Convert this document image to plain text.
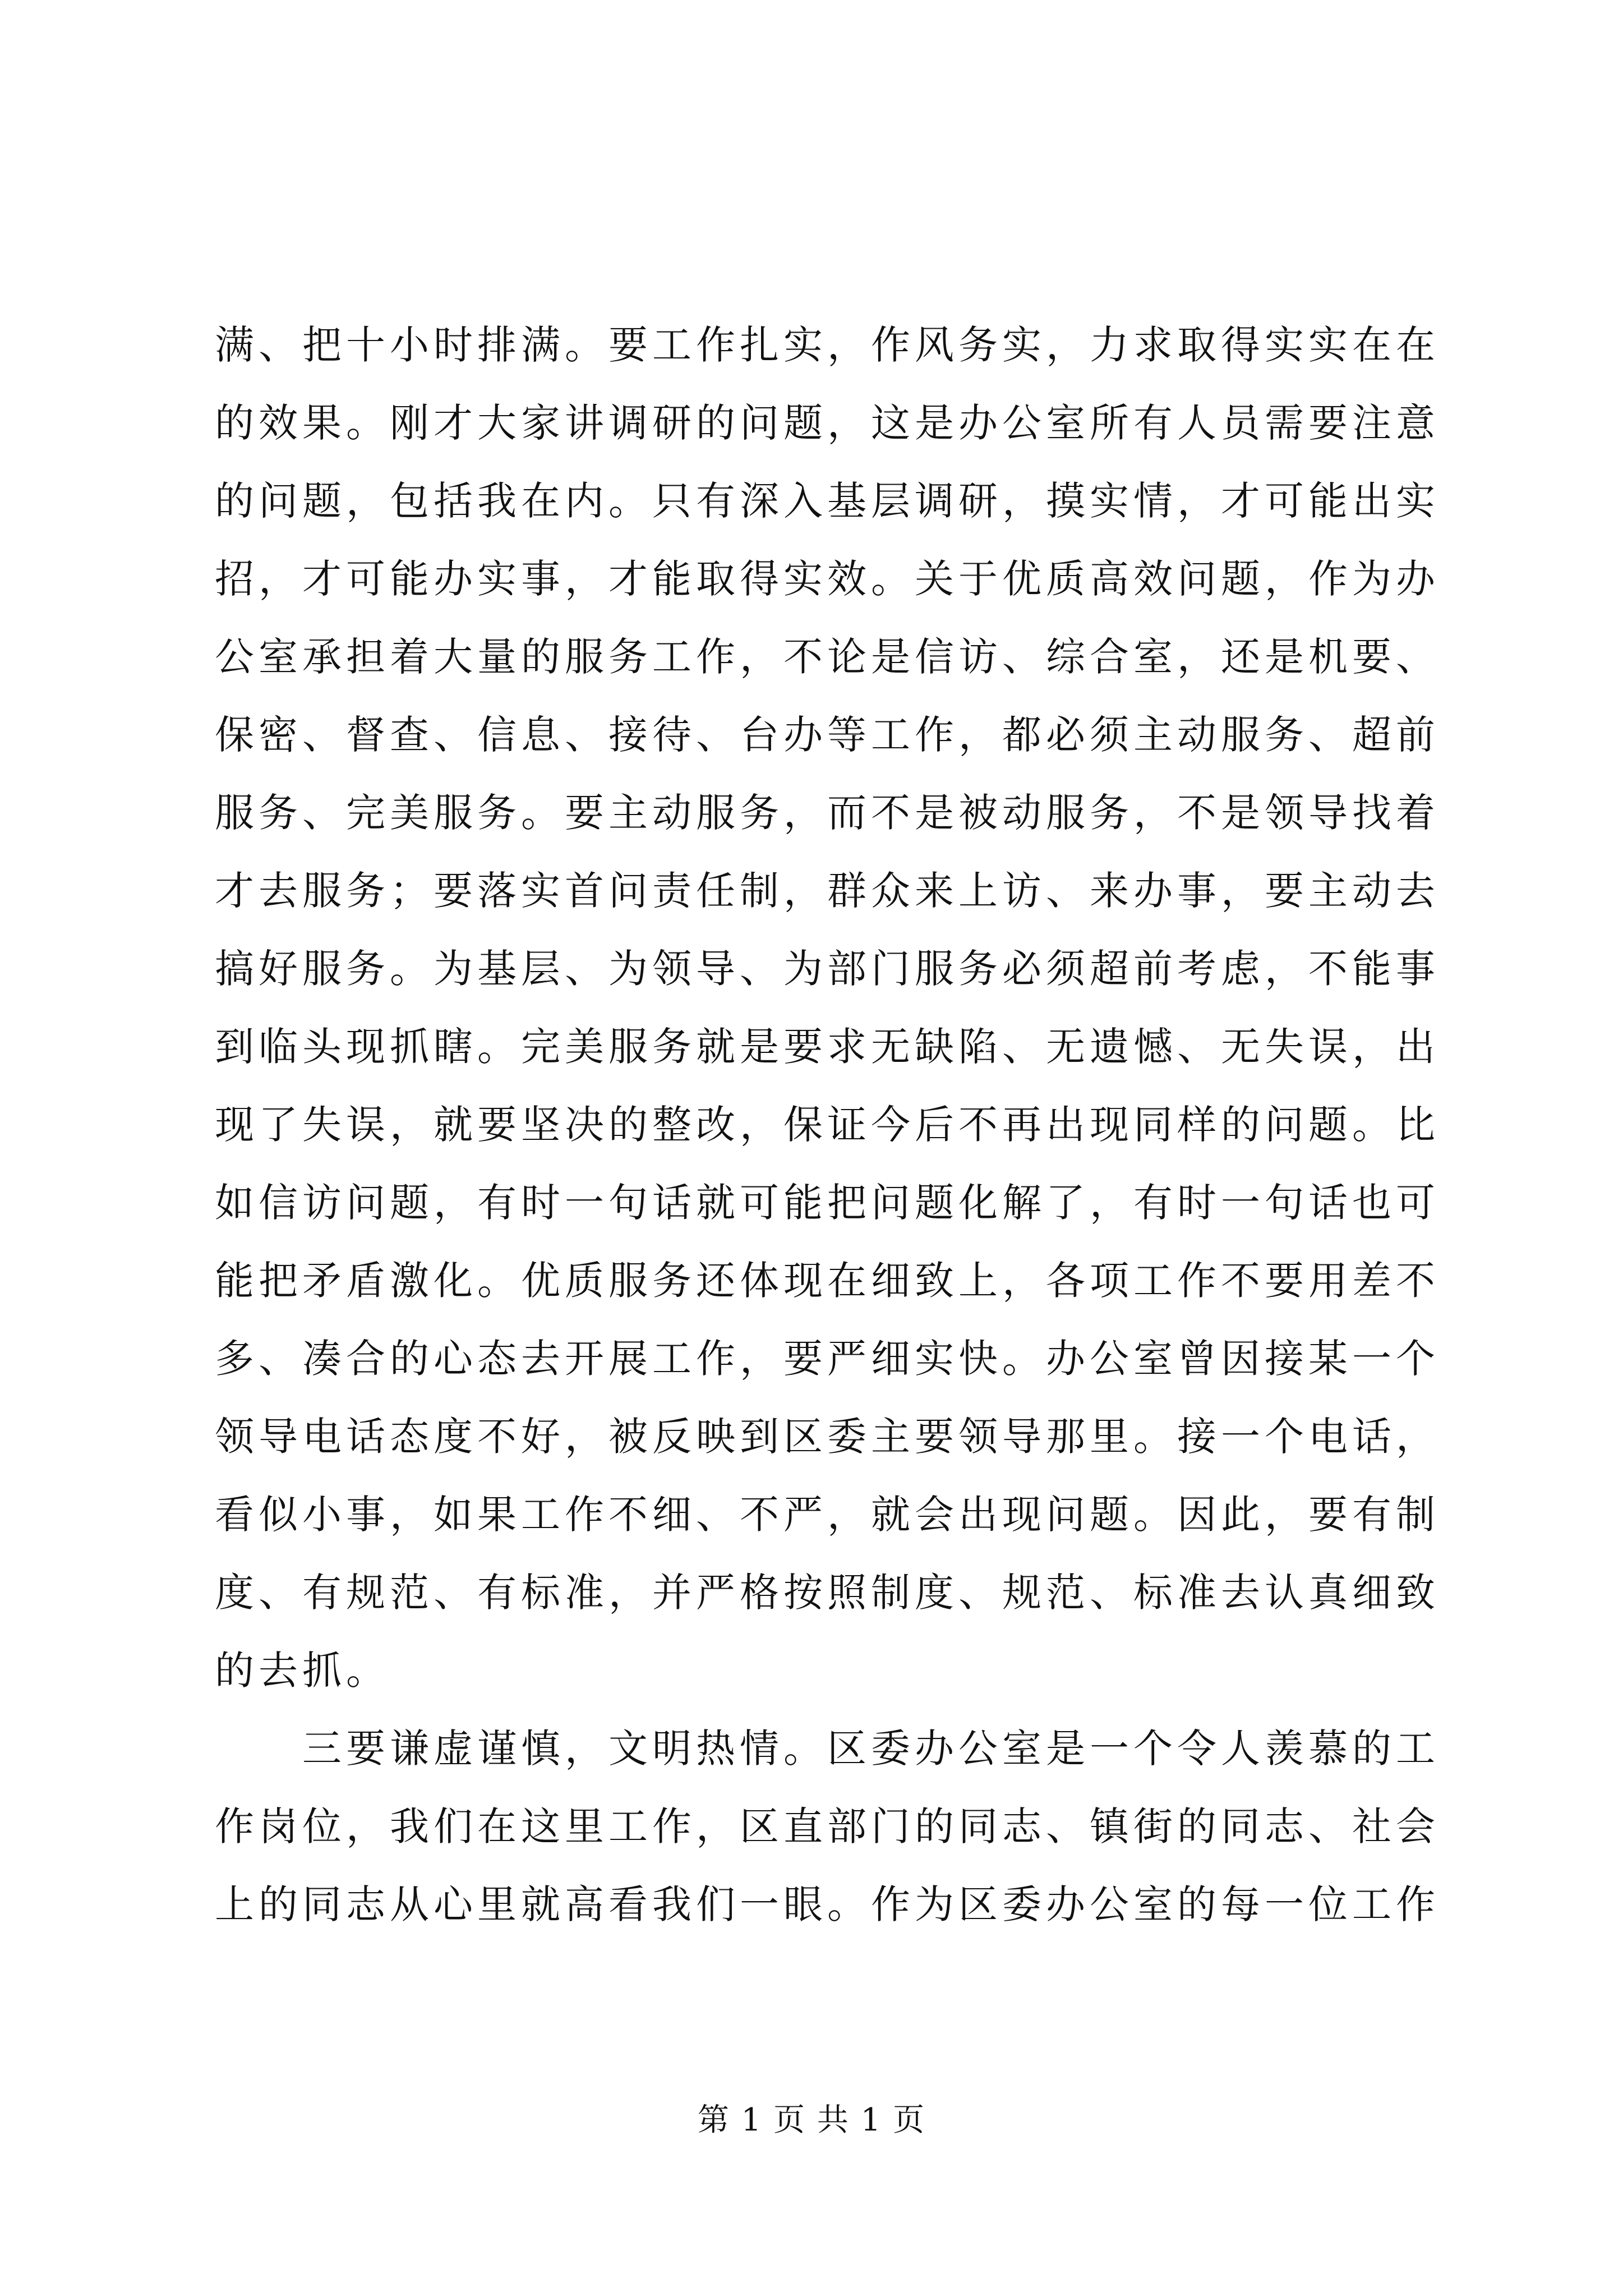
满、把十小时排满。要工作扎实，作风务实，力求取得实实在在
的效果。刚才大家讲调研的问题，这是办公室所有人员需要注意
的问题，包括我在内。只有深入基层调研，摸实情，才可能出实
招，才可能办实事，才能取得实效。关于优质高效问题，作为办
公室承担着大量的服务工作，不论是信访、综合室，还是机要、
保密、督查、信息、接待、台办等工作，都必须主动服务、超前
服务、完美服务。要主动服务，而不是被动服务，不是领导找着
才去服务；要落实首问责任制，群众来上访、来办事，要主动去
搞好服务。为基层、为领导、为部门服务必须超前考虑，不能事
到临头现抓瞎。完美服务就是要求无缺陷、无遗憾、无失误，出
现了失误，就要坚决的整改，保证今后不再出现同样的问题。比
如信访问题，有时一句话就可能把问题化解了，有时一句话也可
能把矛盾激化。优质服务还体现在细致上，各项工作不要用差不
多、凑合的心态去开展工作，要严细实快。办公室曾因接某一个
领导电话态度不好，被反映到区委主要领导那里。接一个电话，
看似小事，如果工作不细、不严，就会出现问题。因此，要有制
度、有规范、有标准，并严格按照制度、规范、标准去认真细致
的去抓。
　　三要谦虚谨慎，文明热情。区委办公室是一个令人羡慕的工
作岗位，我们在这里工作，区直部门的同志、镇街的同志、社会
上的同志从心里就高看我们一眼。作为区委办公室的每一位工作
第 1 页 共 1 页
